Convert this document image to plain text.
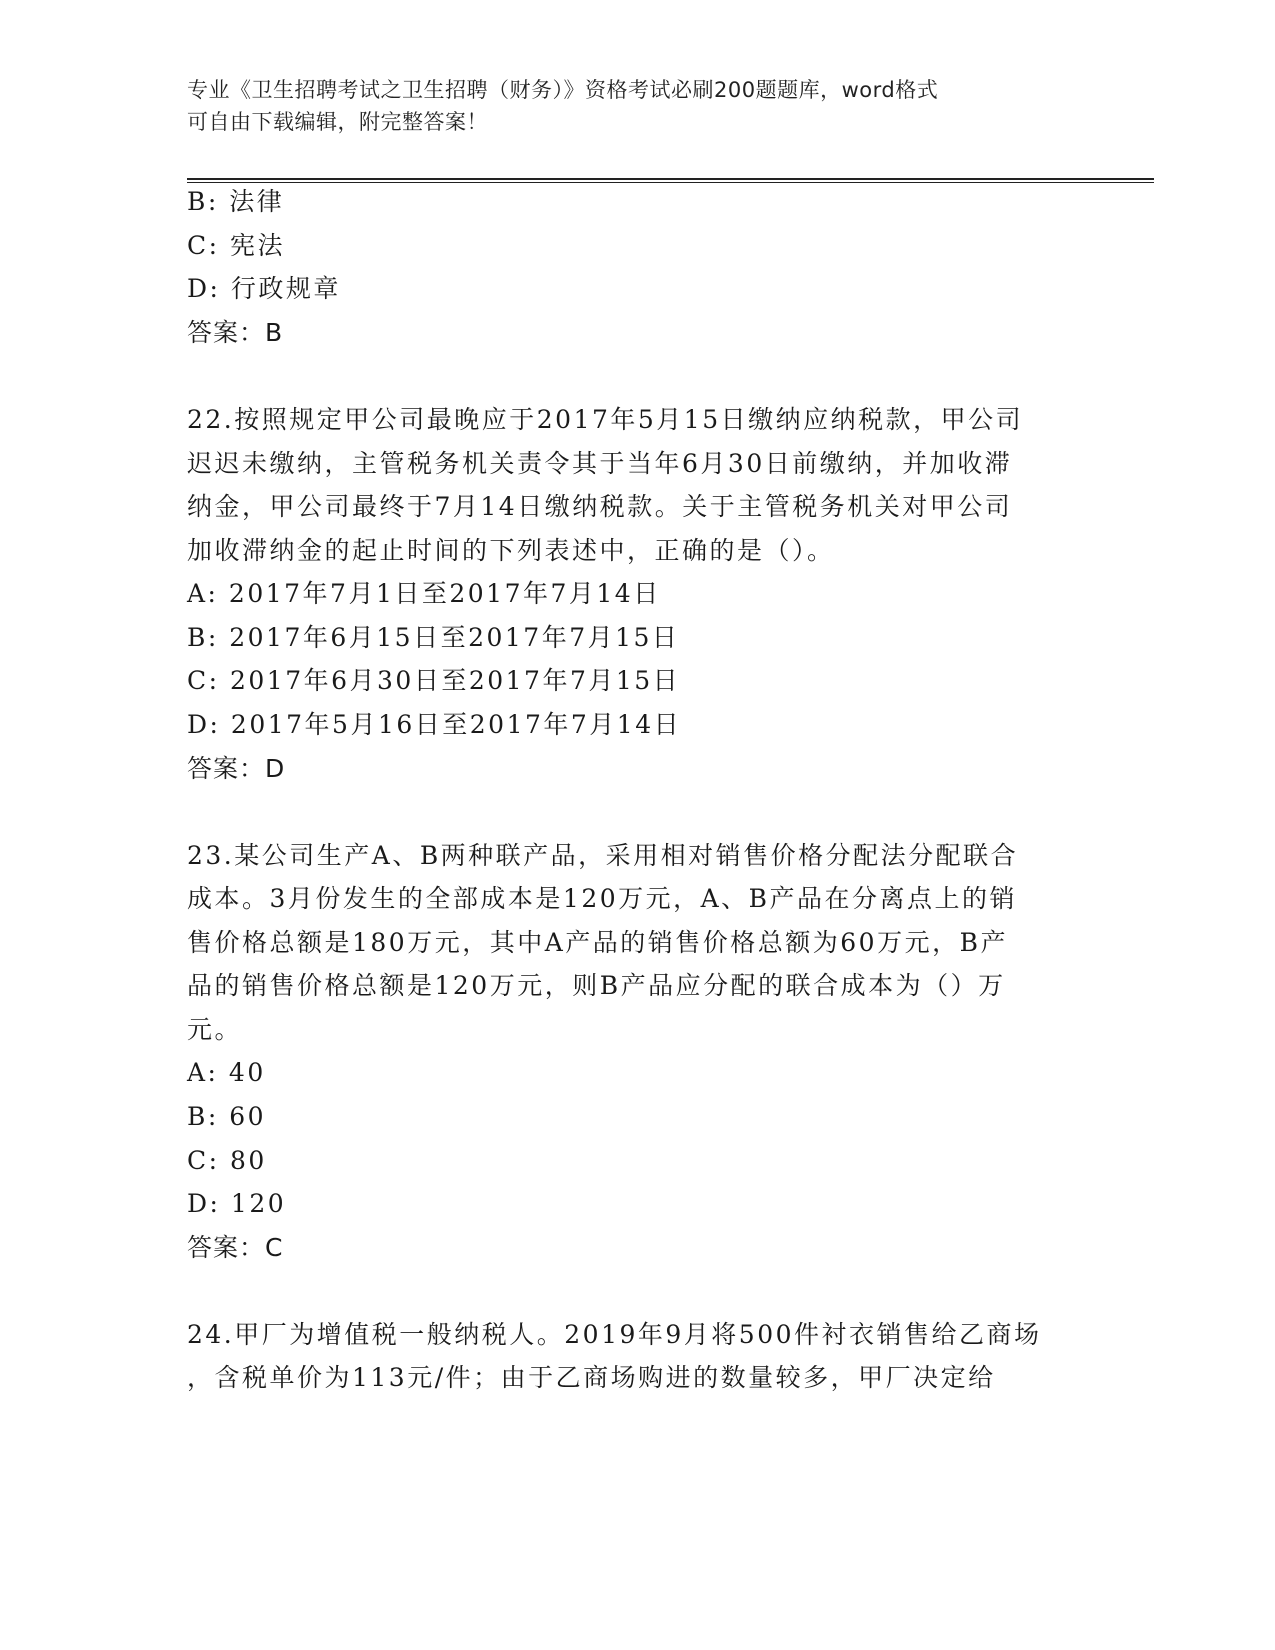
专业《卫生招聘考试之卫生招聘（财务）》资格考试必刷200题题库，word格式
可自由下载编辑，附完整答案！
B: 法律
C: 宪法
D: 行政规章
答案：B
22.按照规定甲公司最晚应于2017年5月15日缴纳应纳税款，甲公司
迟迟未缴纳，主管税务机关责令其于当年6月30日前缴纳，并加收滞
纳金，甲公司最终于7月14日缴纳税款。关于主管税务机关对甲公司
加收滞纳金的起止时间的下列表述中，正确的是（）。
A: 2017年7月1日至2017年7月14日
B: 2017年6月15日至2017年7月15日
C: 2017年6月30日至2017年7月15日
D: 2017年5月16日至2017年7月14日
答案：D
23.某公司生产A、B两种联产品，采用相对销售价格分配法分配联合
成本。3月份发生的全部成本是120万元，A、B产品在分离点上的销
售价格总额是180万元，其中A产品的销售价格总额为60万元，B产
品的销售价格总额是120万元，则B产品应分配的联合成本为（）万
元。
A: 40
B: 60
C: 80
D: 120
答案：C
24.甲厂为增值税一般纳税人。2019年9月将500件衬衣销售给乙商场
，含税单价为113元/件；由于乙商场购进的数量较多，甲厂决定给
